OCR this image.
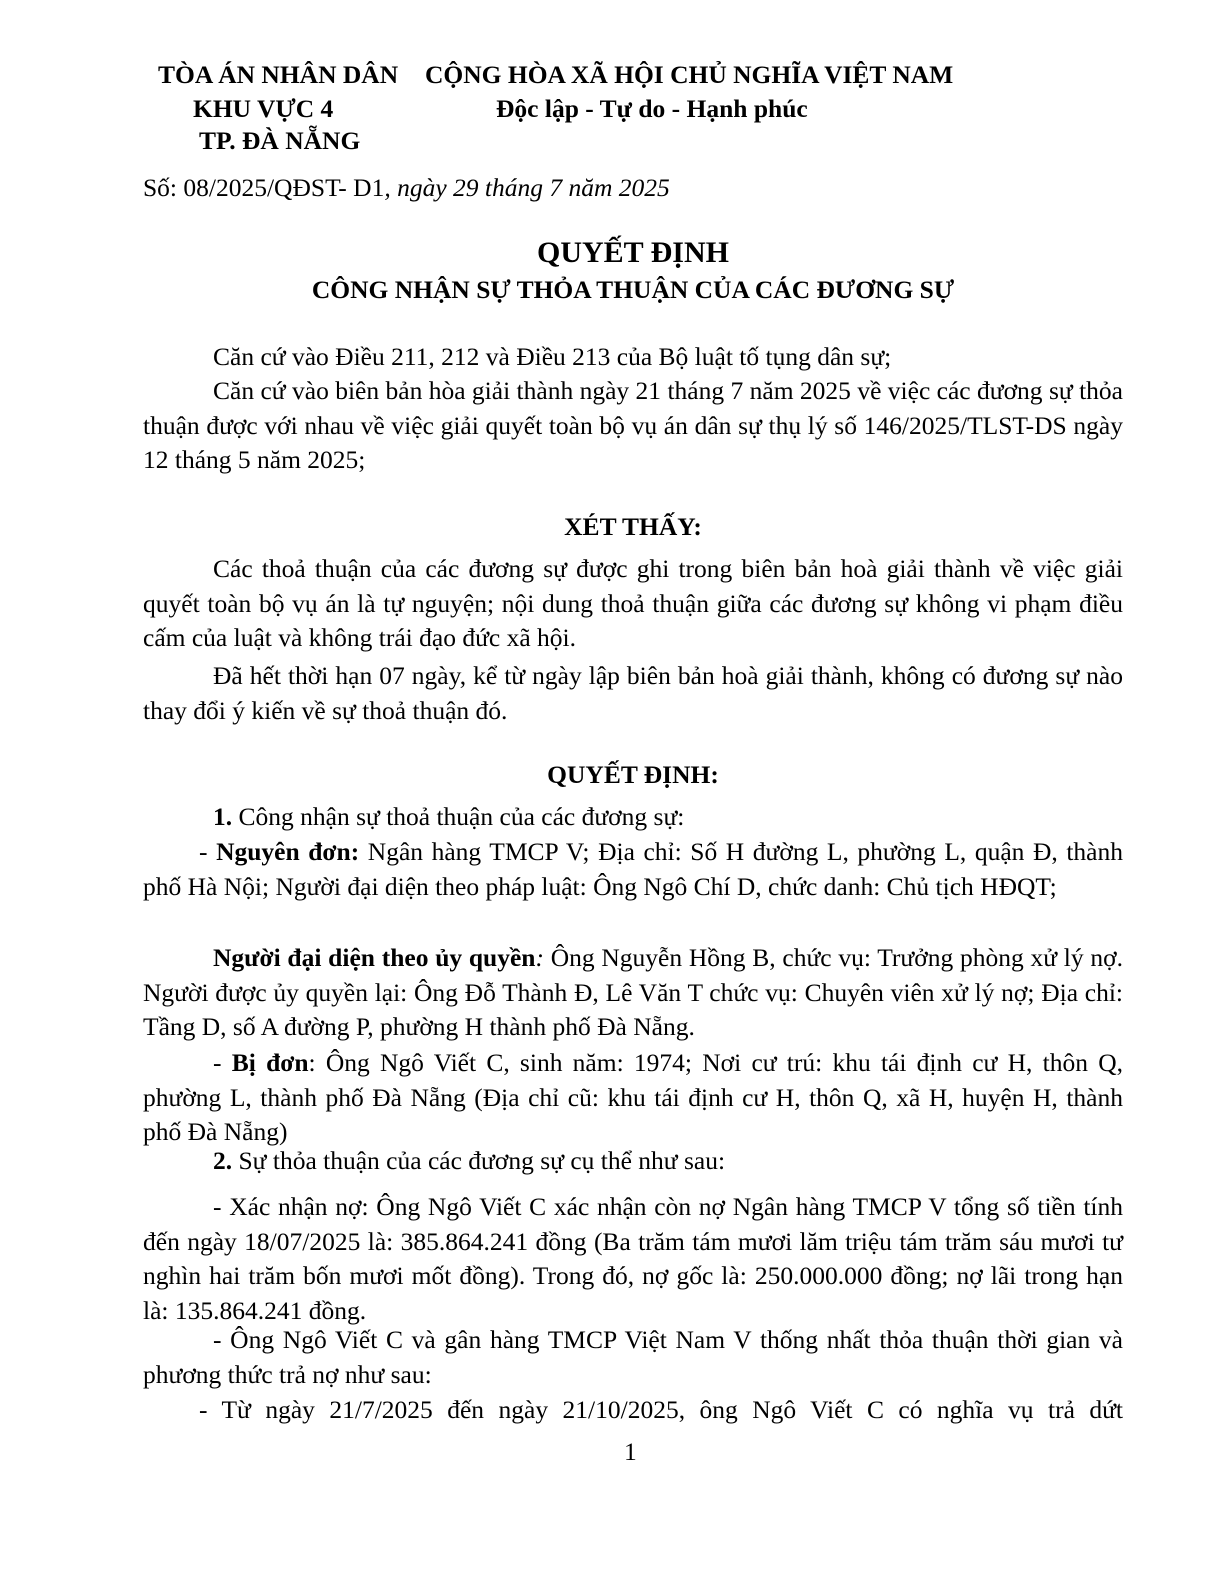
TÒA ÁN NHÂN DÂN
KHU VỰC 4
TP. ĐÀ NẴNG
CỘNG HÒA XÃ HỘI CHỦ NGHĨA VIỆT NAM
Độc lập - Tự do - Hạnh phúc
Số: 08/2025/QĐST- D1, ngày 29 tháng 7 năm 2025
QUYẾT ĐỊNH
CÔNG NHẬN SỰ THỎA THUẬN CỦA CÁC ĐƯƠNG SỰ
Căn cứ vào Điều 211, 212 và Điều 213 của Bộ luật tố tụng dân sự;
Căn cứ vào biên bản hòa giải thành ngày 21 tháng 7 năm 2025 về việc các đương sự thỏa thuận được với nhau về việc giải quyết toàn bộ vụ án dân sự thụ lý số 146/2025/TLST-DS ngày 12 tháng 5 năm 2025;
XÉT THẤY:
Các thoả thuận của các đương sự được ghi trong biên bản hoà giải thành về việc giải quyết toàn bộ vụ án là tự nguyện; nội dung thoả thuận giữa các đương sự không vi phạm điều cấm của luật và không trái đạo đức xã hội.
Đã hết thời hạn 07 ngày, kể từ ngày lập biên bản hoà giải thành, không có đương sự nào thay đổi ý kiến về sự thoả thuận đó.
QUYẾT ĐỊNH:
1. Công nhận sự thoả thuận của các đương sự:
- Nguyên đơn: Ngân hàng TMCP V; Địa chỉ: Số H đường L, phường L, quận Đ, thành phố Hà Nội; Người đại diện theo pháp luật: Ông Ngô Chí D, chức danh: Chủ tịch HĐQT;
Người đại diện theo ủy quyền: Ông Nguyễn Hồng B, chức vụ: Trưởng phòng xử lý nợ. Người được ủy quyền lại: Ông Đỗ Thành Đ, Lê Văn T chức vụ: Chuyên viên xử lý nợ; Địa chỉ: Tầng D, số A đường P, phường H thành phố Đà Nẵng.
- Bị đơn: Ông Ngô Viết C, sinh năm: 1974; Nơi cư trú: khu tái định cư H, thôn Q, phường L, thành phố Đà Nẵng (Địa chỉ cũ: khu tái định cư H, thôn Q, xã H, huyện H, thành phố Đà Nẵng)
2. Sự thỏa thuận của các đương sự cụ thể như sau:
- Xác nhận nợ: Ông Ngô Viết C xác nhận còn nợ Ngân hàng TMCP V tổng số tiền tính đến ngày 18/07/2025 là: 385.864.241 đồng (Ba trăm tám mươi lăm triệu tám trăm sáu mươi tư nghìn hai trăm bốn mươi mốt đồng). Trong đó, nợ gốc là: 250.000.000 đồng; nợ lãi trong hạn là: 135.864.241 đồng.
- Ông Ngô Viết C và gân hàng TMCP Việt Nam V thống nhất thỏa thuận thời gian và phương thức trả nợ như sau:
- Từ ngày 21/7/2025 đến ngày 21/10/2025, ông Ngô Viết C có nghĩa vụ trả dứt
1
